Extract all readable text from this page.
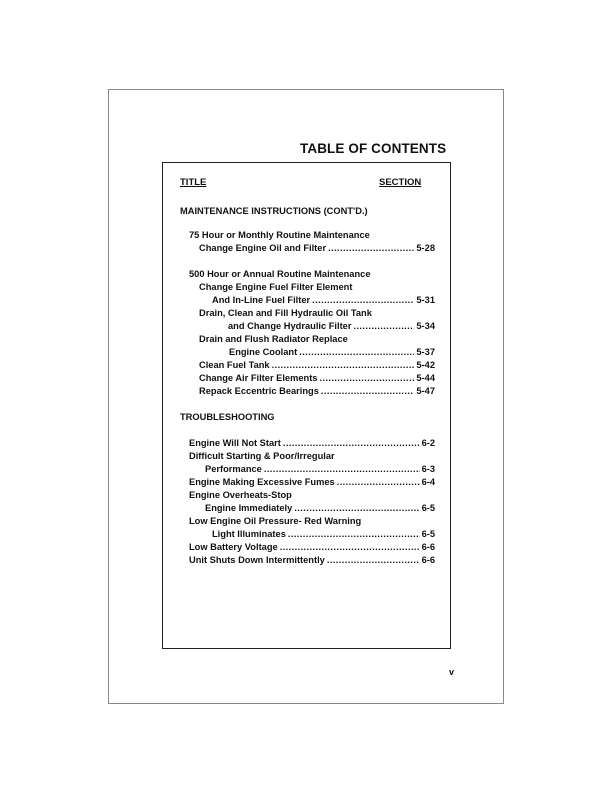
TABLE OF CONTENTS
TITLE	SECTION
MAINTENANCE INSTRUCTIONS (CONT'D.)
75 Hour or Monthly Routine Maintenance
Change Engine Oil and Filter .....	5-28
500 Hour or Annual Routine Maintenance
Change Engine Fuel Filter Element
And In-Line Fuel Filter .....	5-31
Drain, Clean and Fill Hydraulic Oil Tank
and Change Hydraulic Filter .....	5-34
Drain and Flush Radiator Replace
Engine Coolant .....	5-37
Clean Fuel Tank .....	5-42
Change Air Filter Elements .....	5-44
Repack Eccentric Bearings .....	5-47
TROUBLESHOOTING
Engine Will Not Start .....	6-2
Difficult Starting & Poor/Irregular
Performance .....	6-3
Engine Making Excessive Fumes .....	6-4
Engine Overheats-Stop
Engine Immediately .....	6-5
Low Engine Oil Pressure- Red Warning
Light Illuminates .....	6-5
Low Battery Voltage .....	6-6
Unit Shuts Down Intermittently .....	6-6
v
